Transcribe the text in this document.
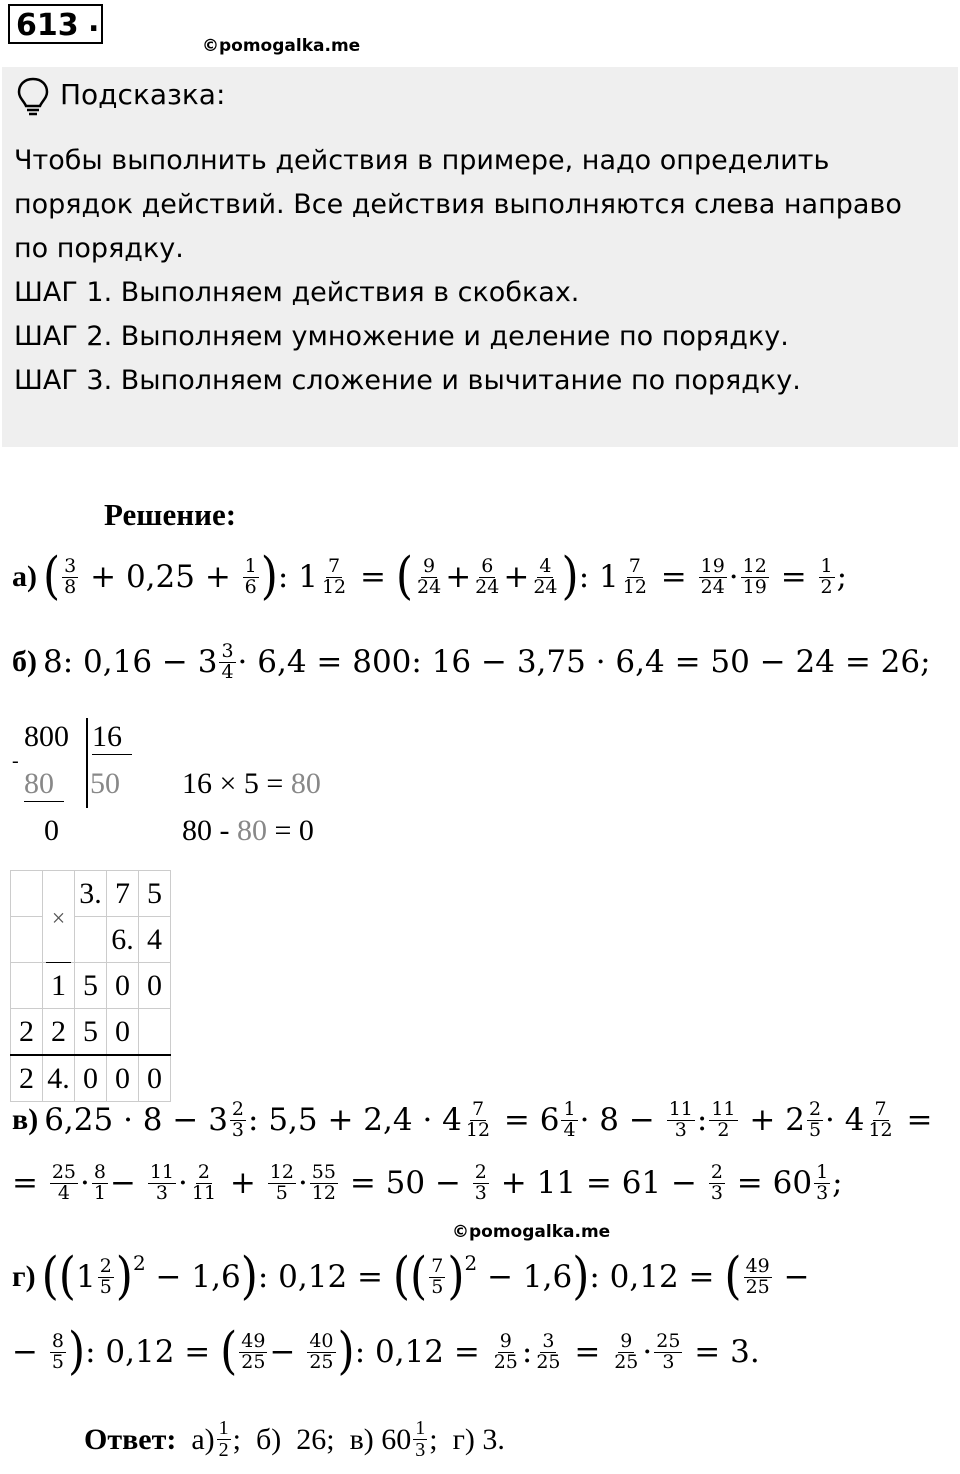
613 .
©pomogalka.me
Подсказка:
Чтобы выполнить действия в примере, надо определить
порядок действий. Все действия выполняются слева направо
по порядку.
ШАГ 1. Выполняем действия в скобках.
ШАГ 2. Выполняем умножение и деление по порядку.
ШАГ 3. Выполняем сложение и вычитание по порядку.
Решение:
а) ( 3
8 + 0,25 + 1
6 ) : 1 7
12 = ( 9
24 + 6
24 + 4
24 ) : 1 7
12 = 19
24 · 12
19 = 1
2 ;
б) 8: 0,16 − 3 3
4 · 6,4 = 800: 16 − 3,75 · 6,4 = 50 − 24 = 26;
800 16
-
80	50
0
16 × 5 = 80
80 - 80 = 0
	×	3.	7	5
			6.	4
	1	5	0	0
2	2	5	0	
2	4.	0	0	0
в) 6,25 · 8 − 3 2
3 : 5,5 + 2,4 · 4 7
12 = 6 1
4 · 8 − 11
3 : 11
2 + 2 2
5 · 4 7
12 =
= 25
4 · 8
1 − 11
3 · 2
11 + 12
5 · 55
12 = 50 − 2
3 + 11 = 61 − 2
3 = 60 1
3 ;
©pomogalka.me
г) ( ( 1 2
5 ) 2 − 1,6 ) : 0,12 = ( ( 7
5 ) 2 − 1,6 ) : 0,12 = ( 49
25 −
− 8
5 ) : 0,12 = ( 49
25 − 40
25 ) : 0,12 = 9
25 : 3
25 = 9
25 · 25
3 = 3.
Ответ:
а) 1
2 ; б)
26;
в)
60 1
3 ; г)
3.
